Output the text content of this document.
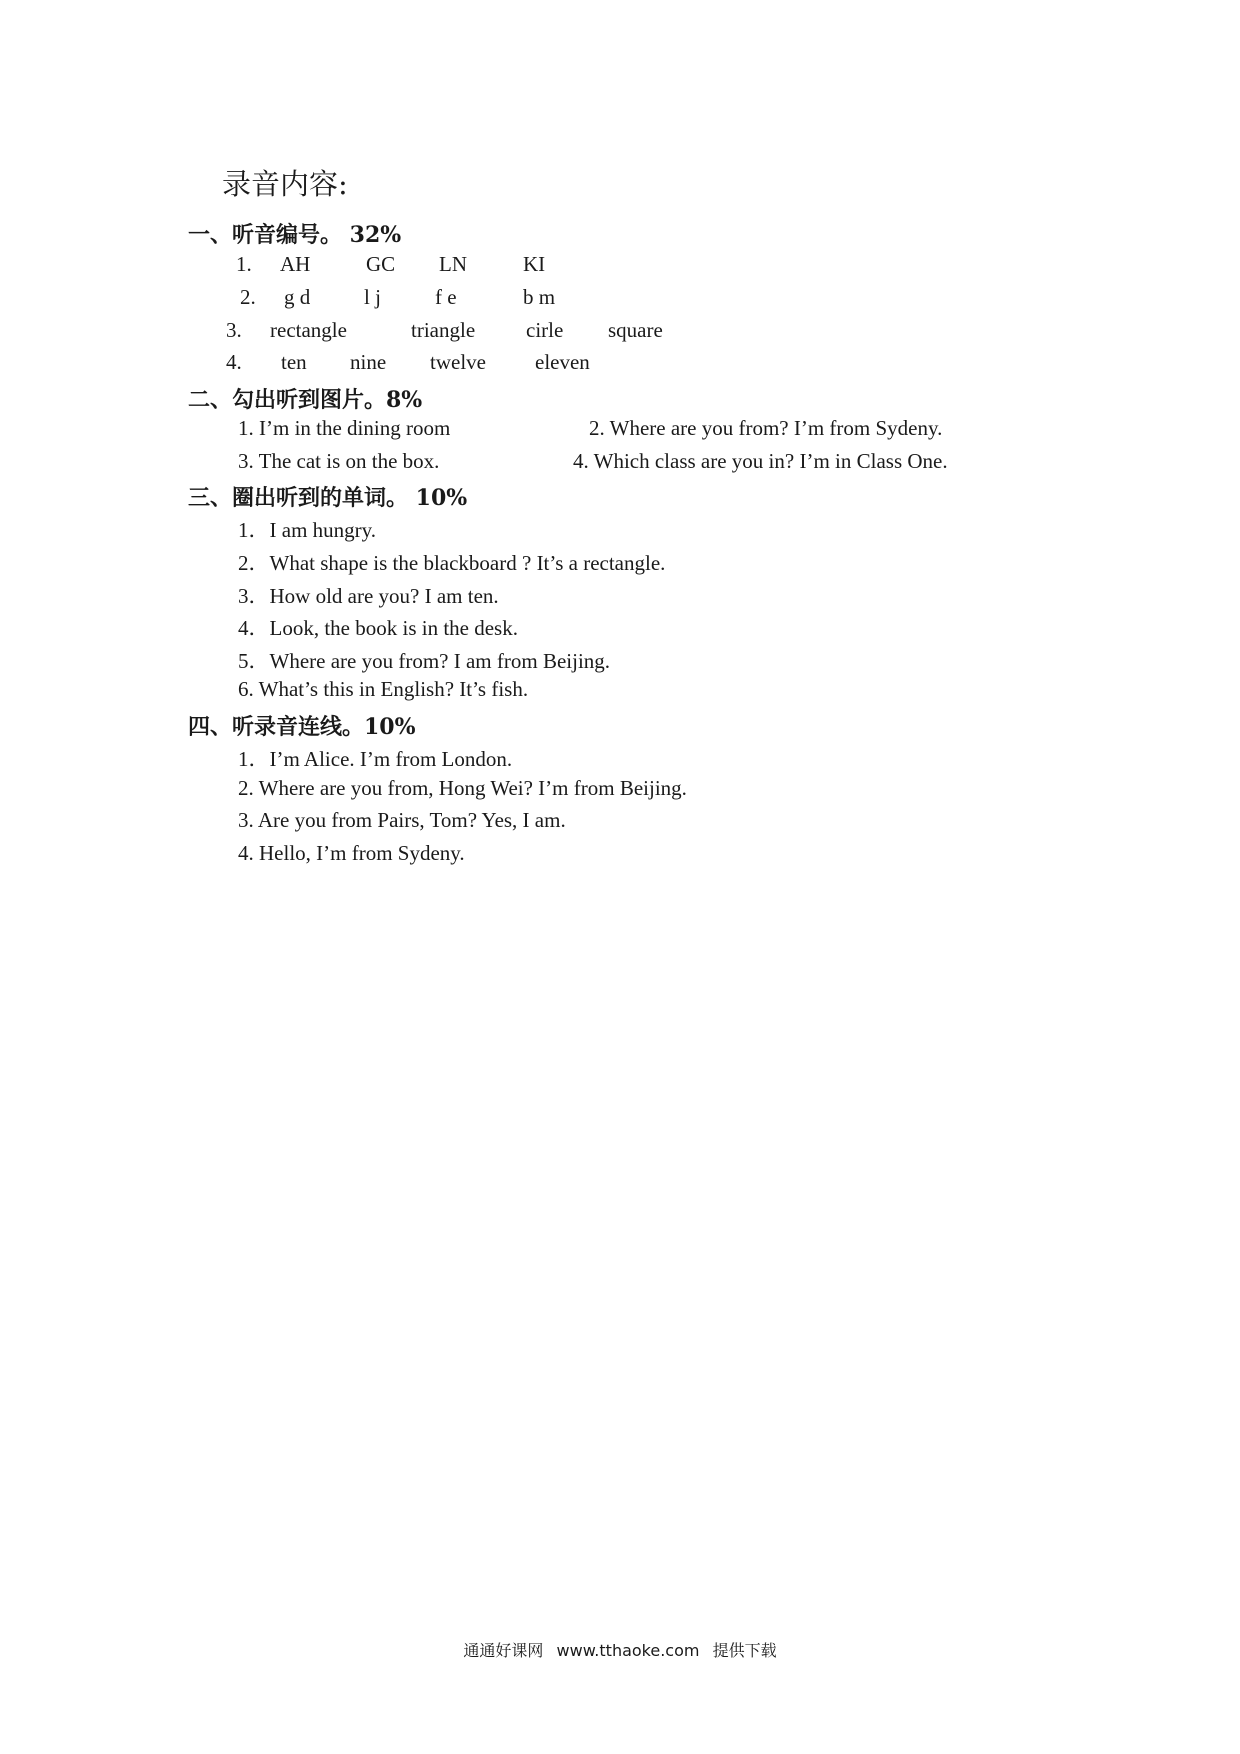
录音内容:
一、听音编号。 32%
1. AH	GC LN	KI
2. g d	l j	f e	b m
3. rectangle	triangle cirle square
4. ten nine twelve eleven
二、勾出听到图片。8%
1. I’m in the dining room	2. Where are you from? I’m from Sydeny.
3. The cat is on the box.	4. Which class are you in? I’m in Class One.
三、圈出听到的单词。 10%
1．I am hungry.
2．What shape is the blackboard ? It’s a rectangle.
3．How old are you? I am ten.
4．Look, the book is in the desk.
5．Where are you from? I am from Beijing.
6. What’s this in English? It’s fish.
四、听录音连线。10%
1．I’m Alice. I’m from London.
2. Where are you from, Hong Wei? I’m from Beijing.
3. Are you from Pairs, Tom? Yes, I am.
4. Hello, I’m from Sydeny.
通通好课网 www.tthaoke.com 提供下载
